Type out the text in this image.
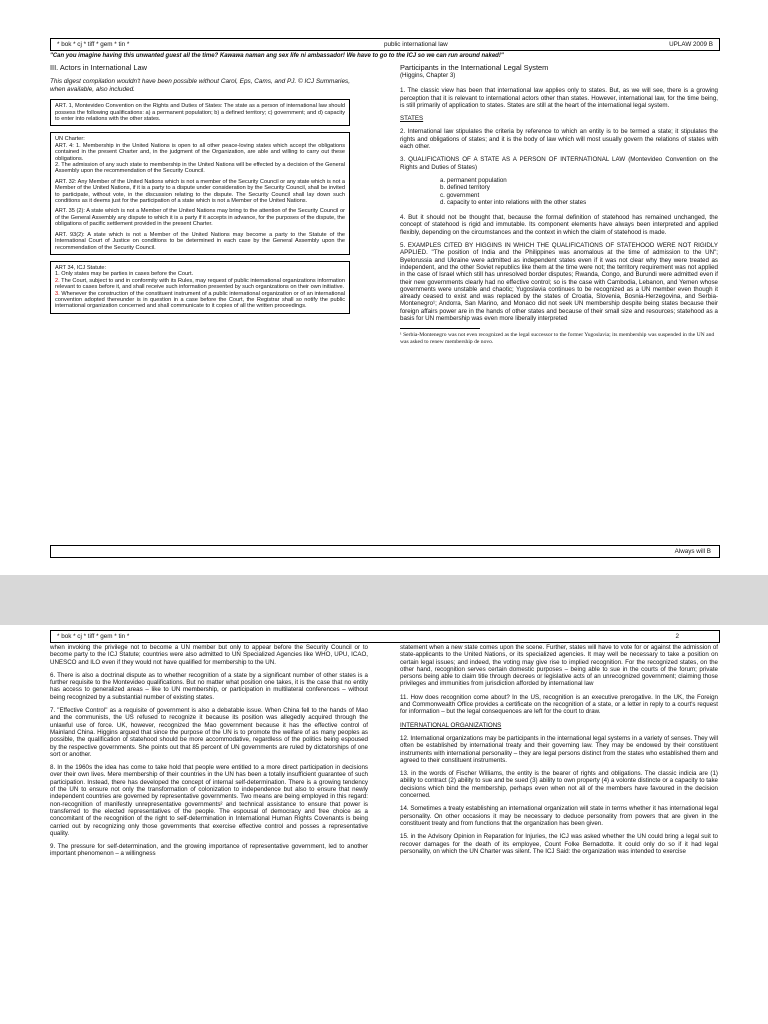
* bok * cj * tiff * gem * tin *	public international law	UPLAW 2009 B
"Can you imagine having this unwanted guest all the time? Kawawa naman ang sex life ni ambassador! We have to go to the ICJ so we can run around naked!"

III. Actors in International Law

This digest compilation wouldn't have been possible without Carol, Eps, Cams, and PJ. © ICJ Summaries, when available, also included.

ART. 1, Montevideo Convention on the Rights and Duties of States: The state as a person of international law should possess the following qualifications: a) a permanent population; b) a defined territory; c) government; and d) capacity to enter into relations with the other states.

UN Charter:

ART. 4: 1. Membership in the United Nations is open to all other peace-loving states which accept the obligations contained in the present Charter and, in the judgment of the Organization, are able and willing to carry out these obligations.

2. The admission of any such state to membership in the United Nations will be effected by a decision of the General Assembly upon the recommendation of the Security Council.

ART. 32: Any Member of the United Nations which is not a member of the Security Council or any state which is not a Member of the United Nations, if it is a party to a dispute under consideration by the Security Council, shall be invited to participate, without vote, in the discussion relating to the dispute. The Security Council shall lay down such conditions as it deems just for the participation of a state which is not a Member of the United Nations.

ART. 35 (2): A state which is not a Member of the United Nations may bring to the attention of the Security Council or of the General Assembly any dispute to which it is a party if it accepts in advance, for the purposes of the dispute, the obligations of pacific settlement provided in the present Charter.

ART. 93(2): A state which is not a Member of the United Nations may become a party to the Statute of the International Court of Justice on conditions to be determined in each case by the General Assembly upon the recommendation of the Security Council.

ART 34, ICJ Statute:

1. Only states may be parties in cases before the Court.

2. The Court, subject to and in conformity with its Rules, may request of public international organizations information relevant to cases before it, and shall receive such information presented by such organizations on their own initiative.

3. Whenever the construction of the constituent instrument of a public international organization or of an international convention adopted thereunder is in question in a case before the Court, the Registrar shall so notify the public international organization concerned and shall communicate to it copies of all the written proceedings.

Participants in the International Legal System

(Higgins, Chapter 3)

1. The classic view has been that international law applies only to states. But, as we will see, there is a growing perception that it is relevant to international actors other than states. However, international law, for the time being, is still primarily of application to states. States are still at the heart of the international legal system.

STATES

2. International law stipulates the criteria by reference to which an entity is to be termed a state; it stipulates the rights and obligations of states; and it is the body of law which will most usually govern the relations of states with each other.

3. QUALIFICATIONS OF A STATE AS A PERSON OF INTERNATIONAL LAW (Montevideo Convention on the Rights and Duties of States)

a. permanent population
b. defined territory
c. government
d. capacity to enter into relations with the other states

4. But it should not be thought that, because the formal definition of statehood has remained unchanged, the concept of statehood is rigid and immutable. Its component elements have always been interpreted and applied flexibly, depending on the circumstances and the context in which the claim of statehood is made.

5. EXAMPLES CITED BY HIGGINS IN WHICH THE QUALIFICATIONS OF STATEHOOD WERE NOT RIGIDLY APPLIED. "The position of India and the Philippines was anomalous at the time of admission to the UN"; Byelorussia and Ukraine were admitted as independent states even if it was not clear why they were treated as independent, and the other Soviet republics like them at the time were not; the territory requirement was not applied in the case of Israel which still has unresolved border disputes; Rwanda, Congo, and Burundi were admitted even if their new governments clearly had no effective control; so is the case with Cambodia, Lebanon, and Yemen whose governments were unstable and chaotic; Yugoslavia continues to be recognized as a UN member even though it already ceased to exist and was replaced by the states of Croatia, Slovenia, Bosnia-Herzegovina, and Serbia-Montenegro¹; Andorra, San Marino, and Monaco did not seek UN membership despite being states because their foreign affairs power are in the hands of other states and because of their small size and resources; statehood as a basis for UN membership was even more liberally interpreted

¹ Serbia-Montenegro was not even recognized as the legal successor to the former Yugoslavia; its membership was suspended in the UN and was asked to renew membership de novo.
Always will B
* bok * cj * tiff * gem * tin *	2

when invoking the privilege not to become a UN member but only to appear before the Security Council or to become party to the ICJ Statute; countries were also admitted to UN Specialized Agencies like WHO, UPU, ICAO, UNESCO and ILO even if they would not have qualified for membership to the UN.

6. There is also a doctrinal dispute as to whether recognition of a state by a significant number of other states is a further requisite to the Montevideo qualifications. But no matter what position one takes, it is the case that no entity has access to generalized areas – like to UN membership, or participation in multilateral conferences – without being recognized by a substantial number of existing states.

7. "Effective Control" as a requisite of government is also a debatable issue. When China fell to the hands of Mao and the communists, the US refused to recognize it because its position was allegedly acquired through the unlawful use of force. UK, however, recognized the Mao government because it has the effective control of Mainland China. Higgins argued that since the purpose of the UN is to promote the welfare of as many peoples as possible, the qualification of statehood should be more accommodative, regardless of the politics being espoused by the respective governments. She points out that 85 percent of UN governments are ruled by dictatorships of one sort or another.

8. In the 1960s the idea has come to take hold that people were entitled to a more direct participation in decisions over their own lives. Mere membership of their countries in the UN has been a totally insufficient guarantee of such participation. Instead, there has developed the concept of internal self-determination. There is a growing tendency of the UN to ensure not only the transformation of colonization to independence but also to ensure that newly independent countries are governed by representative governments. Two means are being employed in this regard: non-recognition of manifestly unrepresentative governments² and technical assistance to ensure that power is transferred to the elected representatives of the people. The espousal of democracy and free choice as a concomitant of the recognition of the right to self-determination in International Human Rights Covenants is being carried out by recognizing only those governments that exercise effective control and posses a representative quality.

9. The pressure for self-determination, and the growing importance of representative government, led to another important phenomenon – a willingness

statement when a new state comes upon the scene. Further, states will have to vote for or against the admission of state-applicants to the United Nations, or its specialized agencies. It may well be necessary to take a position on certain legal issues; and indeed, the voting may give rise to implied recognition. For the recognized states, on the other hand, recognition serves certain domestic purposes – being able to sue in the courts of the forum; private persons being able to claim title through decrees or legislative acts of an unrecognized government; claiming those privileges and immunities from jurisdiction afforded by international law

11. How does recognition come about? In the US, recognition is an executive prerogative. In the UK, the Foreign and Commonwealth Office provides a certificate on the recognition of a state, or a letter in reply to a court's request for information – but the legal consequences are left for the court to draw.

INTERNATIONAL ORGANIZATIONS

12. International organizations may be participants in the international legal systems in a variety of senses. They will often be established by international treaty and their governing law. They may be endowed by their constituent instruments with international personality – they are legal persons distinct from the states who established them and agreed to their constituent instruments.

13. in the words of Fischer Williams, the entity is the bearer of rights and obligations. The classic indicia are (1) ability to contract (2) ability to sue and be sued (3) ability to own property (4) a volonte distincte or a capacity to take decisions which bind the membership, perhaps even when not all of the members have favoured in the decision concerned.

14. Sometimes a treaty establishing an international organization will state in terms whether it has international legal personality. On other occasions it may be necessary to deduce personality from powers that are given in the constituent treaty and from functions that the organization has been given.

15. in the Advisory Opinion in Reparation for Injuries, the ICJ was asked whether the UN could bring a legal suit to recover damages for the death of its employee, Count Folke Bernadotte. It could only do so if it had legal personality, on which the UN Charter was silent. The ICJ Said: the organization was intended to exercise
